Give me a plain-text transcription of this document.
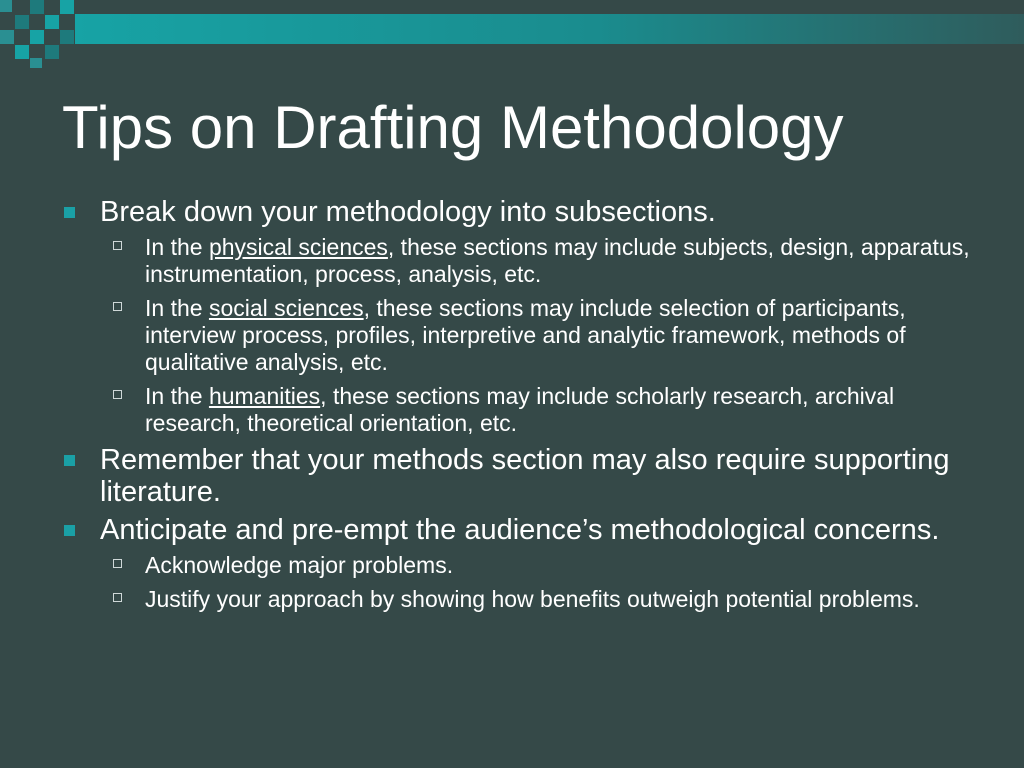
Tips on Drafting Methodology
Break down your methodology into subsections.
In the physical sciences, these sections may include subjects, design, apparatus, instrumentation, process, analysis, etc.
In the social sciences, these sections may include selection of participants, interview process, profiles, interpretive and analytic framework, methods of qualitative analysis, etc.
In the humanities, these sections may include scholarly research, archival research, theoretical orientation, etc.
Remember that your methods section may also require supporting literature.
Anticipate and pre-empt the audience’s methodological concerns.
Acknowledge major problems.
Justify your approach by showing how benefits outweigh potential problems.
